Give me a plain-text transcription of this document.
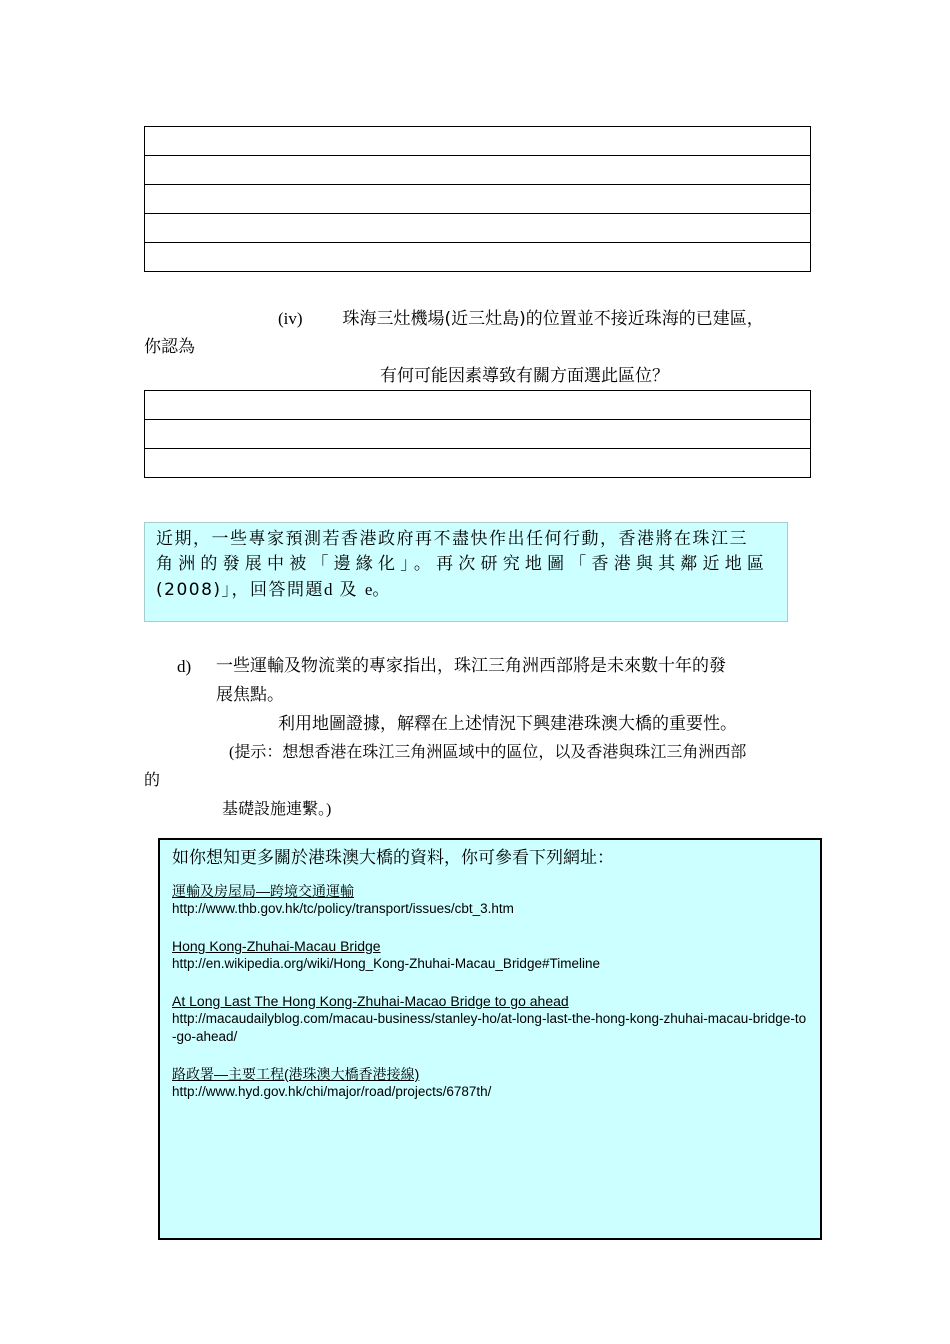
(iv) 珠海三灶機場(近三灶島)的位置並不接近珠海的已建區，
你認為
有何可能因素導致有關方面選此區位？

近期，一些專家預測若香港政府再不盡快作出任何行動，香港將在珠江三

角洲的發展中被「邊緣化」。再次研究地圖「香港與其鄰近地區

(2008)」，回答問題d 及 e。

d) 一些運輸及物流業的專家指出，珠江三角洲西部將是未來數十年的發
展焦點。
利用地圖證據，解釋在上述情況下興建港珠澳大橋的重要性。
(提示：想想香港在珠江三角洲區域中的區位，以及香港與珠江三角洲西部
的
基礎設施連繫。)
如你想知更多關於港珠澳大橋的資料，你可參看下列網址：
運輸及房屋局—跨境交通運輸
http://www.thb.gov.hk/tc/policy/transport/issues/cbt_3.htm
Hong Kong-Zhuhai-Macau Bridge
http://en.wikipedia.org/wiki/Hong_Kong-Zhuhai-Macau_Bridge#Timeline
At Long Last The Hong Kong-Zhuhai-Macao Bridge to go ahead
http://macaudailyblog.com/macau-business/stanley-ho/at-long-last-the-hong-kong-zhuhai-macau-bridge-to-go-ahead/
路政署—主要工程(港珠澳大橋香港接線)
http://www.hyd.gov.hk/chi/major/road/projects/6787th/
